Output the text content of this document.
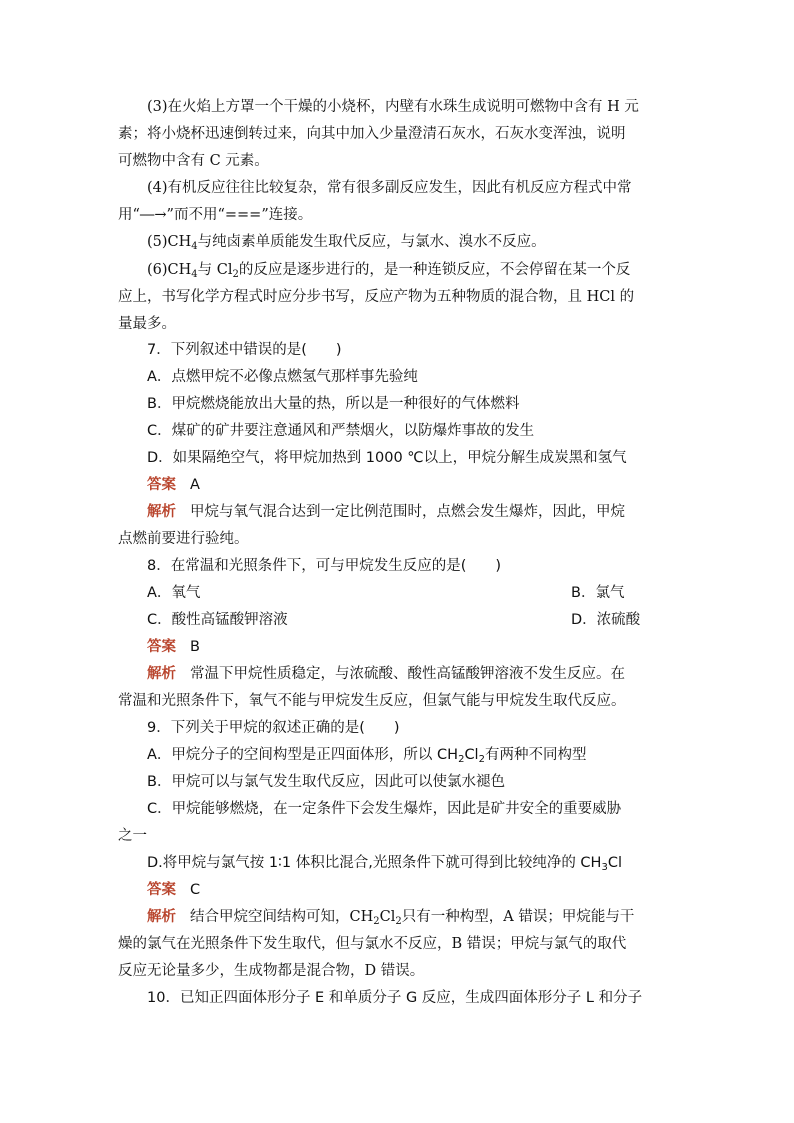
(3)在火焰上方罩一个干燥的小烧杯，内壁有水珠生成说明可燃物中含有 H 元
素；将小烧杯迅速倒转过来，向其中加入少量澄清石灰水，石灰水变浑浊，说明
可燃物中含有 C 元素。
(4)有机反应往往比较复杂，常有很多副反应发生，因此有机反应方程式中常
用“―→”而不用“===”连接。
$(5)CH_4$与纯卤素单质能发生取代反应，与氯水、溴水不反应。
$(6)CH_4$与 $Cl_2$的反应是逐步进行的，是一种连锁反应，不会停留在某一个反
应上，书写化学方程式时应分步书写，反应产物为五种物质的混合物，且 HCl 的
量最多。
7．下列叙述中错误的是(　　)
A．点燃甲烷不必像点燃氢气那样事先验纯
B．甲烷燃烧能放出大量的热，所以是一种很好的气体燃料
C．煤矿的矿井要注意通风和严禁烟火，以防爆炸事故的发生
D．如果隔绝空气，将甲烷加热到 1000 ℃以上，甲烷分解生成炭黑和氢气
答案 A
解析 甲烷与氧气混合达到一定比例范围时，点燃会发生爆炸，因此，甲烷
点燃前要进行验纯。
8．在常温和光照条件下，可与甲烷发生反应的是(　　)
A．氧气	B．氯气
C．酸性高锰酸钾溶液	D．浓硫酸
答案 B
解析 常温下甲烷性质稳定，与浓硫酸、酸性高锰酸钾溶液不发生反应。在
常温和光照条件下，氧气不能与甲烷发生反应，但氯气能与甲烷发生取代反应。
9．下列关于甲烷的叙述正确的是(　　)
A．甲烷分子的空间构型是正四面体形，所以 $CH_2Cl_2$有两种不同构型
B．甲烷可以与氯气发生取代反应，因此可以使氯水褪色
C．甲烷能够燃烧，在一定条件下会发生爆炸，因此是矿井安全的重要威胁
之一
D.将甲烷与氯气按 1∶1 体积比混合,光照条件下就可得到比较纯净的 $CH_3Cl$
答案 C
解析 结合甲烷空间结构可知，$CH_2Cl_2$只有一种构型，A 错误；甲烷能与干
燥的氯气在光照条件下发生取代，但与氯水不反应，B 错误；甲烷与氯气的取代
反应无论量多少，生成物都是混合物，D 错误。
10．已知正四面体形分子 E 和单质分子 G 反应，生成四面体形分子 L 和分子
